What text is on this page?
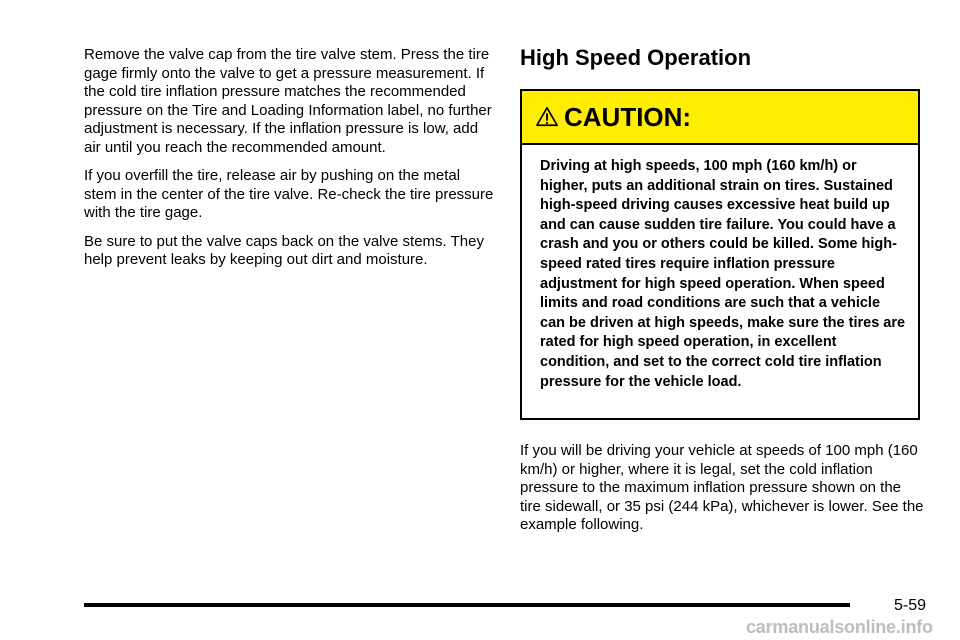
Remove the valve cap from the tire valve stem. Press the tire gage firmly onto the valve to get a pressure measurement. If the cold tire inflation pressure matches the recommended pressure on the Tire and Loading Information label, no further adjustment is necessary. If the inflation pressure is low, add air until you reach the recommended amount.

If you overfill the tire, release air by pushing on the metal stem in the center of the tire valve. Re-check the tire pressure with the tire gage.

Be sure to put the valve caps back on the valve stems. They help prevent leaks by keeping out dirt and moisture.

High Speed Operation
CAUTION:
Driving at high speeds, 100 mph (160 km/h) or higher, puts an additional strain on tires. Sustained high-speed driving causes excessive heat build up and can cause sudden tire failure. You could have a crash and you or others could be killed. Some high-speed rated tires require inflation pressure adjustment for high speed operation. When speed limits and road conditions are such that a vehicle can be driven at high speeds, make sure the tires are rated for high speed operation, in excellent condition, and set to the correct cold tire inflation pressure for the vehicle load.

If you will be driving your vehicle at speeds of 100 mph (160 km/h) or higher, where it is legal, set the cold inflation pressure to the maximum inflation pressure shown on the tire sidewall, or 35 psi (244 kPa), whichever is lower. See the example following.

5-59
carmanualsonline.info
